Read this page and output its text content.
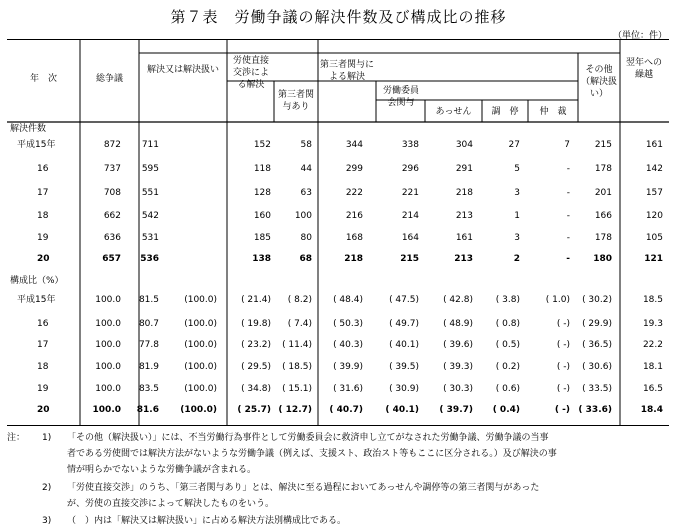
第７表　労働争議の解決件数及び構成比の推移
（単位：件）
年　次	総争議
解決又は解決扱い
労使直接交渉による解決
第三者関与あり
第三者関与による解決
労働委員会関与
あっせん	調　停	仲　裁
その他（解決扱い）
翌年への繰越
解決件数
構成比（%）
平成15年	872 711	152	58	344	338	304	27	7	215	161
16	737 595	118	44	299	296	291	5	-	178	142
17	708 551	128	63	222	221	218	3	-	201	157
18	662 542	160	100	216	214	213	1	-	166	120
19	636 531	185	80	168	164	161	3	-	178	105
20	657 536	138	68	218	215	213	2	-	180	121
平成15年	100.0 81.5	(100.0)	( 21.4) ( 8.2) ( 48.4)	( 47.5)	( 42.8)	( 3.8)	( 1.0) ( 30.2)	18.5
16	100.0 80.7	(100.0)	( 19.8) ( 7.4) ( 50.3)	( 49.7)	( 48.9)	( 0.8)	( -) ( 29.9)	19.3
17	100.0 77.8	(100.0)	( 23.2) ( 11.4) ( 40.3)	( 40.1)	( 39.6)	( 0.5)	( -) ( 36.5)	22.2
18	100.0 81.9	(100.0)	( 29.5) ( 18.5) ( 39.9)	( 39.5)	( 39.3)	( 0.2)	( -) ( 30.6)	18.1
19	100.0 83.5	(100.0)	( 34.8) ( 15.1) ( 31.6)	( 30.9)	( 30.3)	( 0.6)	( -) ( 33.5)	16.5
20	100.0 81.6 (100.0) ( 25.7) ( 12.7) ( 40.7) ( 40.1) ( 39.7) ( 0.4)	( -) ( 33.6)	18.4
注： 1) 「その他（解決扱い）」には、不当労働行為事件として労働委員会に救済申し立てがなされた労働争議、労働争議の当事
者である労使間では解決方法がないような労働争議（例えば、支援スト、政治スト等もここに区分される。）及び解決の事
情が明らかでないような労働争議が含まれる。
2) 「労使直接交渉」のうち、「第三者関与あり」とは、解決に至る過程においてあっせんや調停等の第三者関与があった
が、労使の直接交渉によって解決したものをいう。
3) （　）内は「解決又は解決扱い」に占める解決方法別構成比である。
